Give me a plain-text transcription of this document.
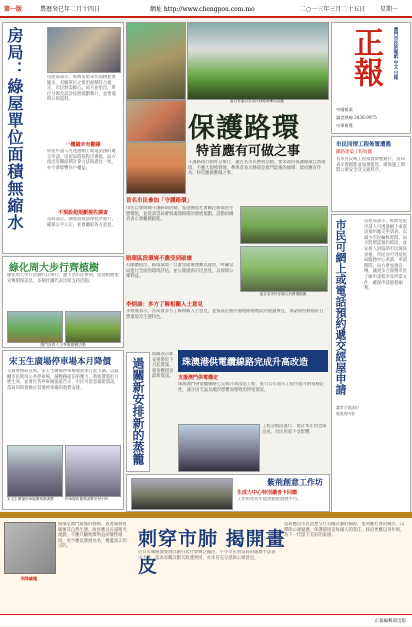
第一版	農曆癸巳年二月十四日	網址 http://www.chengpou.com.mo	二○一三年三月二十五日 星期一
房局：綠屋單位面積無縮水	房屋局表示，經濟房屋單位面積並無縮水，有關單位之實用面積符合規定，市民無需擔心。局方並指出，單位分佈及設計按照規劃執行，並會適時公佈資料。
一樓鋪未有翻譯
經屋申請人可透過網上或電話預約遞交申請，房屋局將按程序審批。局方指出有關面積計算方法與過往一致，亦不會影響住戶權益。
不預設超規劃提佐調查
當局表示，調查將按法律程序進行，確保公平公正，並會聽取各方意見。
綠化周大步行齊植樹
綠化周大步行活動昨日舉行，逾千名市民參與，沿途植樹並宣傳環保訊息，多個社團代表出席支持活動。
澳門各界人士參與植樹活動
宋玉生廣場停車場本月降價
交通事務局宣佈，宋玉生廣場停車場收費本月起下調，以鼓勵市民使用公共停車場，減輕路面泊車壓力。新收費將於月底生效，並會在各停車場張貼告示，市民可留意最新資訊。當局同時會檢討其他停車場的收費安排。
宋玉生廣場停車場價格將調整	停車場收費將調整至每小時
當日有逾百名市民到路環參加活動
保護路環
特首應有可做之事
守護路環行動昨日舉行，逾百名市民參與活動，要求政府保護路環自然環境，不應大規模發展。參與者表示路環是澳門最後的綠肺，政府應有作為，特首應做應做之事。
首名市民參加「守護路環」
市民自發組織守護路環活動，希望喚起社會關注路環的生態價值，並促請當局審慎處理路環的發展規劃。活動組織者表示會繼續跟進。
路環區段環境不應受到破壞
有團體指出，路環環境一旦遭受破壞便難以復原，呼籲當局進行全面的環境評估，並公開諮詢市民意見，以保障公眾利益。
逾百名市民穿綠衣於路環植樹
李炳康：多方了解相關人士意見
李炳康表示，當局會多方了解相關人士意見，並按法定程序處理路環地段的規劃事宜，承諾保持路環的自然環境及生態特色。
過關新安排新的蒸籠
海關表示新安排將於下月起實施，旅客應留意最新資訊。
珠澳港供電纜線路完成升高改造
支援澳門供電穩定
珠海澳門供電纜線路已完成升高改造工程，電力公司表示工程可提升供電穩定性，減少因天氣及潮汐影響而導致的停電情況。
工程分階段進行，預計本年內全部完成，市民用電不受影響。
紫荊創意工作坊
生成力中心特別讀者卡回饋
工作坊為青年提供創意發展平台。
正報 澳門市民的報紙 中文 日報
中國報業
讀者熱線 2836-9975
中華報導
市民同情工程佈置遭濫
鐵路建築工程收聽
有市民反映工程佈置影響通行，當局表示會跟進並加強監管，確保施工期間公眾安全及交通秩序。
市民可網上或電話預約遞交經屋申請	房屋局表示，經濟房屋申請人可透過網上或電話預約遞交申請表，以減少市民輪候時間。局方將增設預約時段，並安排人員協助市民填寫表格，市民亦可到房屋局服務中心查詢。申請期間，局方會加強宣傳，讓更多合資格市民了解申請程序及所需文件，確保申請過程順利。
讀者可查詢申報表的內容
明珠論壇
路環是澳門最後的綠肺，過度開發將破壞其自然生態。政府應以長遠眼光規劃，不應只顧經濟利益而犧牲環境，更不應以發展為名，掩蓋真正的目的。	刺穿市肺 揭開畫皮
近日有關路環發展計劃引起社會廣泛關注，不少市民對當局的處理手法表示不滿，認為有關計劃欠缺透明度，亦未有充分諮詢公眾意見。
當局應向市民清楚交代有關計劃的細節，並回應社會的關注，以釋除公眾疑慮。保護環境是每個人的責任，政府更應以身作則，為下一代留下美好的家園。
正報編輯部出版
